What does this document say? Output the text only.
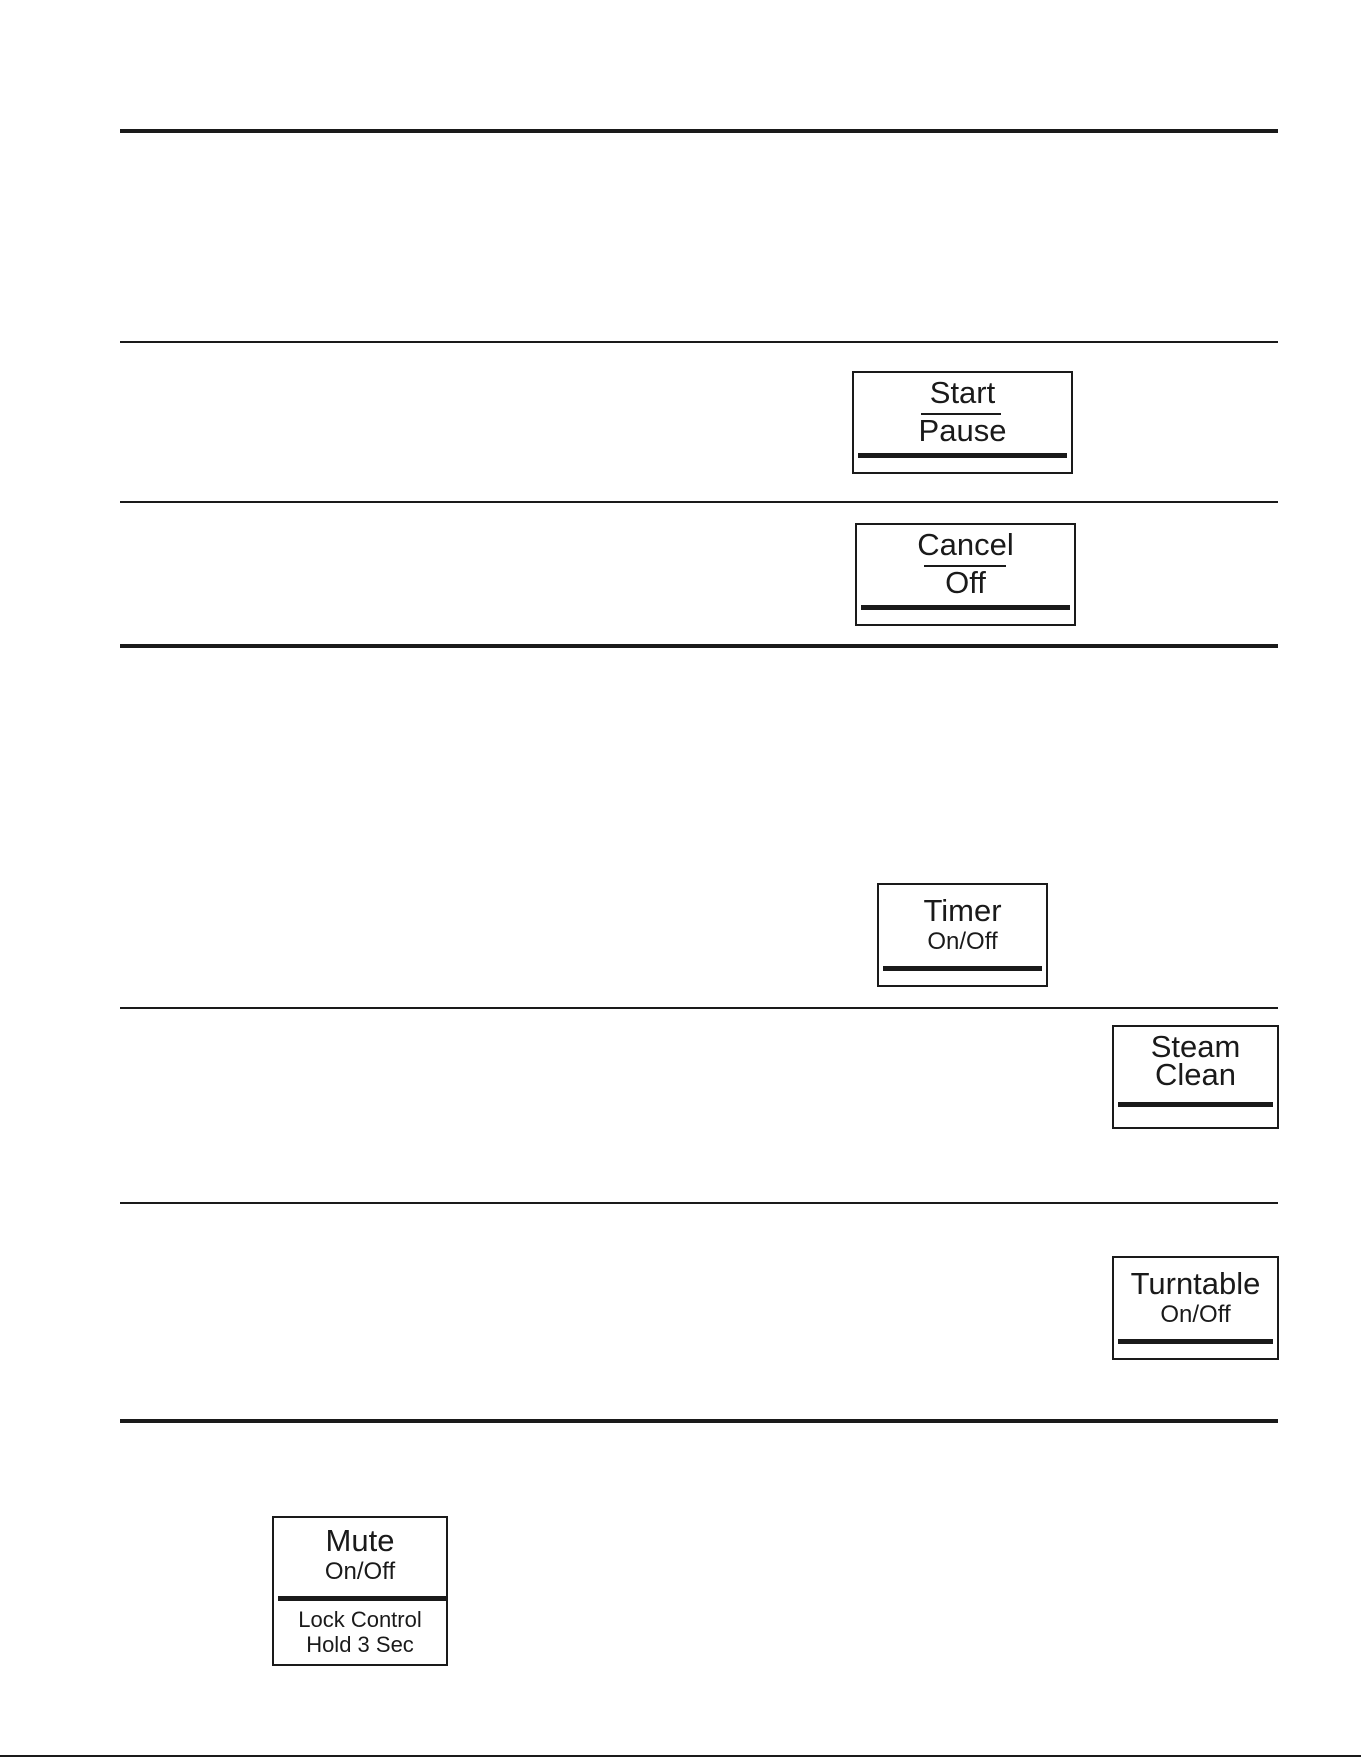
Start
Pause
Cancel
Off
Timer
On/Off
Steam
Clean
Turntable
On/Off
Mute
On/Off
Lock Control
Hold 3 Sec
